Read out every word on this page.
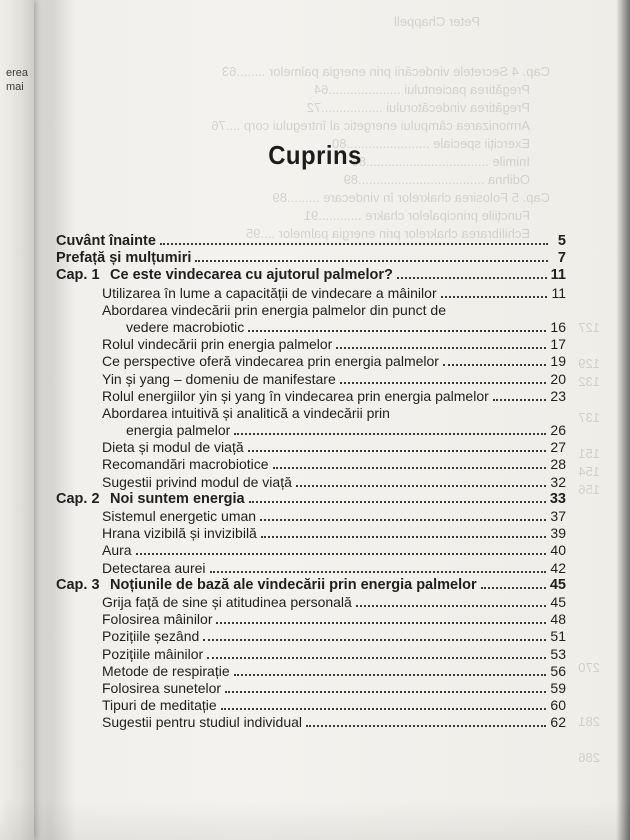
Peter Chappell
Cap. 4 Secretele vindecării prin energia palmelor ........63
Pregătirea pacientului ....................64
Pregătirea vindecătorului .................72
Armonizarea câmpului energetic al întregului corp ....76
Exerciții speciale .......................80
Inimile ..................................86
Odihna ...................................89
Cap. 5 Folosirea chakrelor în vindecare .........89
Funcțiile principalelor chakre ............91
Echilibrarea chakrelor prin energia palmelor ....95
127
129
132
137
151
154
156
270
281
286
erea
mai
Cuprins
Cuvânt înainte	5
Prefață și mulțumiri	7
Cap. 1 Ce este vindecarea cu ajutorul palmelor?	11
Utilizarea în lume a capacității de vindecare a mâinilor	11
Abordarea vindecării prin energia palmelor din punct de
vedere macrobiotic	16
Rolul vindecării prin energia palmelor	17
Ce perspective oferă vindecarea prin energia palmelor	19
Yin și yang – domeniu de manifestare	20
Rolul energiilor yin și yang în vindecarea prin energia palmelor	23
Abordarea intuitivă și analitică a vindecării prin
energia palmelor	26
Dieta și modul de viață	27
Recomandări macrobiotice	28
Sugestii privind modul de viață	32
Cap. 2 Noi suntem energia	33
Sistemul energetic uman	37
Hrana vizibilă și invizibilă	39
Aura	40
Detectarea aurei	42
Cap. 3 Noțiunile de bază ale vindecării prin energia palmelor	45
Grija față de sine și atitudinea personală	45
Folosirea mâinilor	48
Pozițiile șezând	51
Pozițiile mâinilor	53
Metode de respirație	56
Folosirea sunetelor	59
Tipuri de meditație	60
Sugestii pentru studiul individual	62
